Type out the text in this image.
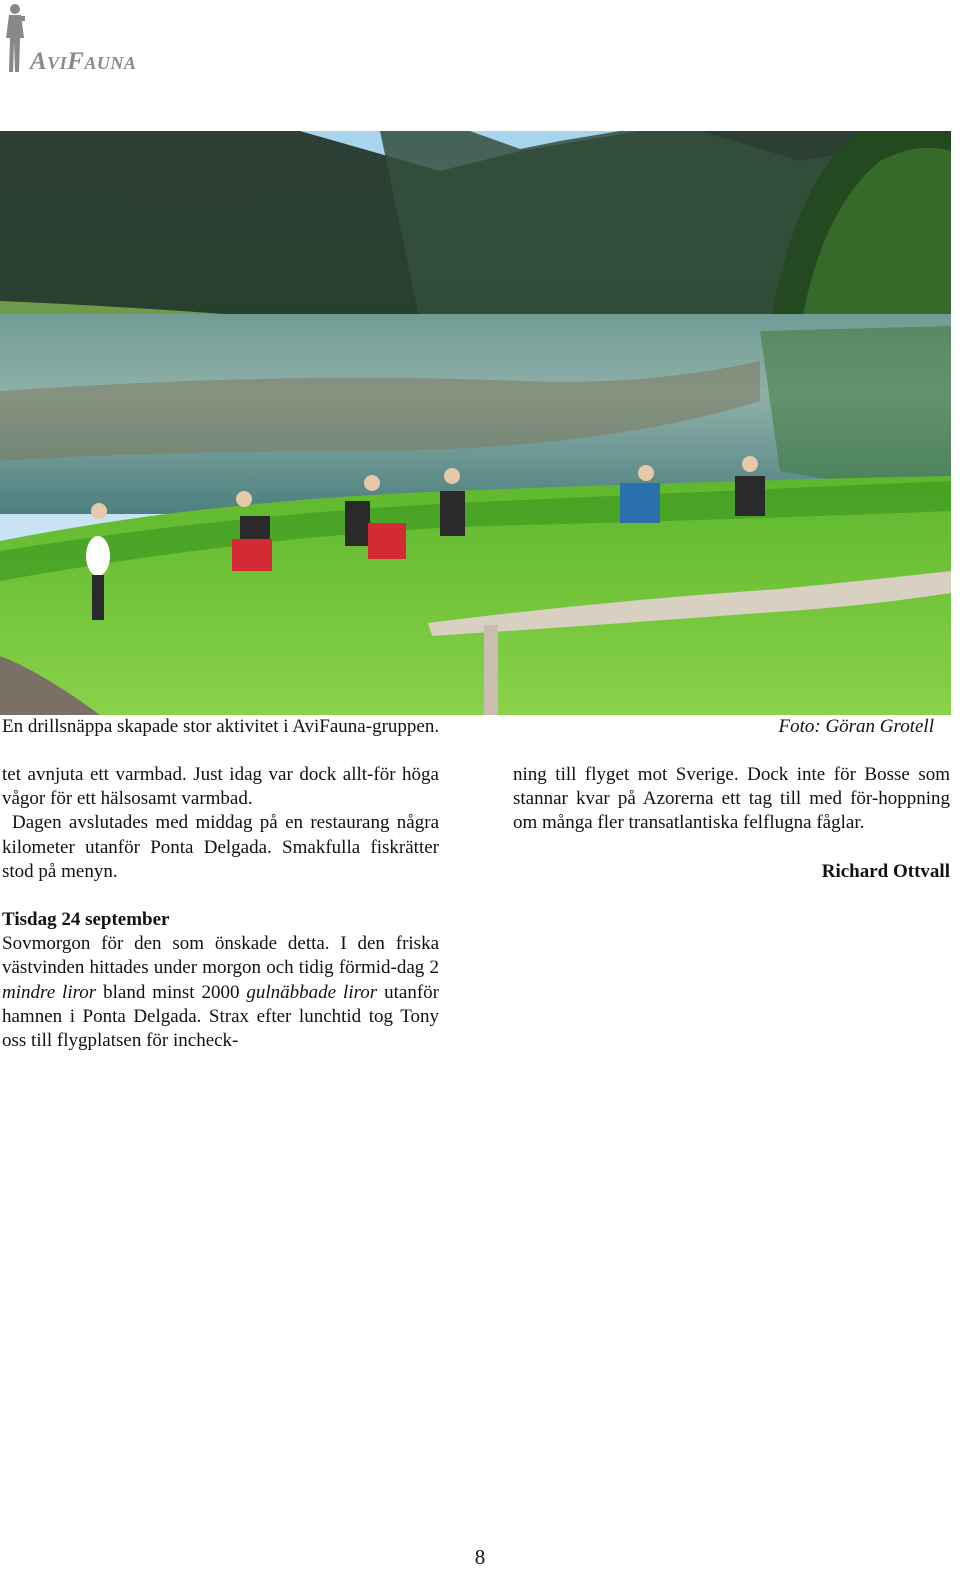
AviFauna
En drillsnäppa skapade stor aktivitet i AviFauna-gruppen.	Foto: Göran Grotell

tet avnjuta ett varmbad. Just idag var dock allt-för höga vågor för ett hälsosamt varmbad.

Dagen avslutades med middag på en restaurang några kilometer utanför Ponta Delgada. Smakfulla fiskrätter stod på menyn.

Tisdag 24 september

Sovmorgon för den som önskade detta. I den friska västvinden hittades under morgon och tidig förmid-dag 2 mindre liror bland minst 2000 gulnäbbade liror utanför hamnen i Ponta Delgada. Strax efter lunchtid tog Tony oss till flygplatsen för incheck-

ning till flyget mot Sverige. Dock inte för Bosse som stannar kvar på Azorerna ett tag till med för-hoppning om många fler transatlantiska felflugna fåglar.

Richard Ottvall

8
